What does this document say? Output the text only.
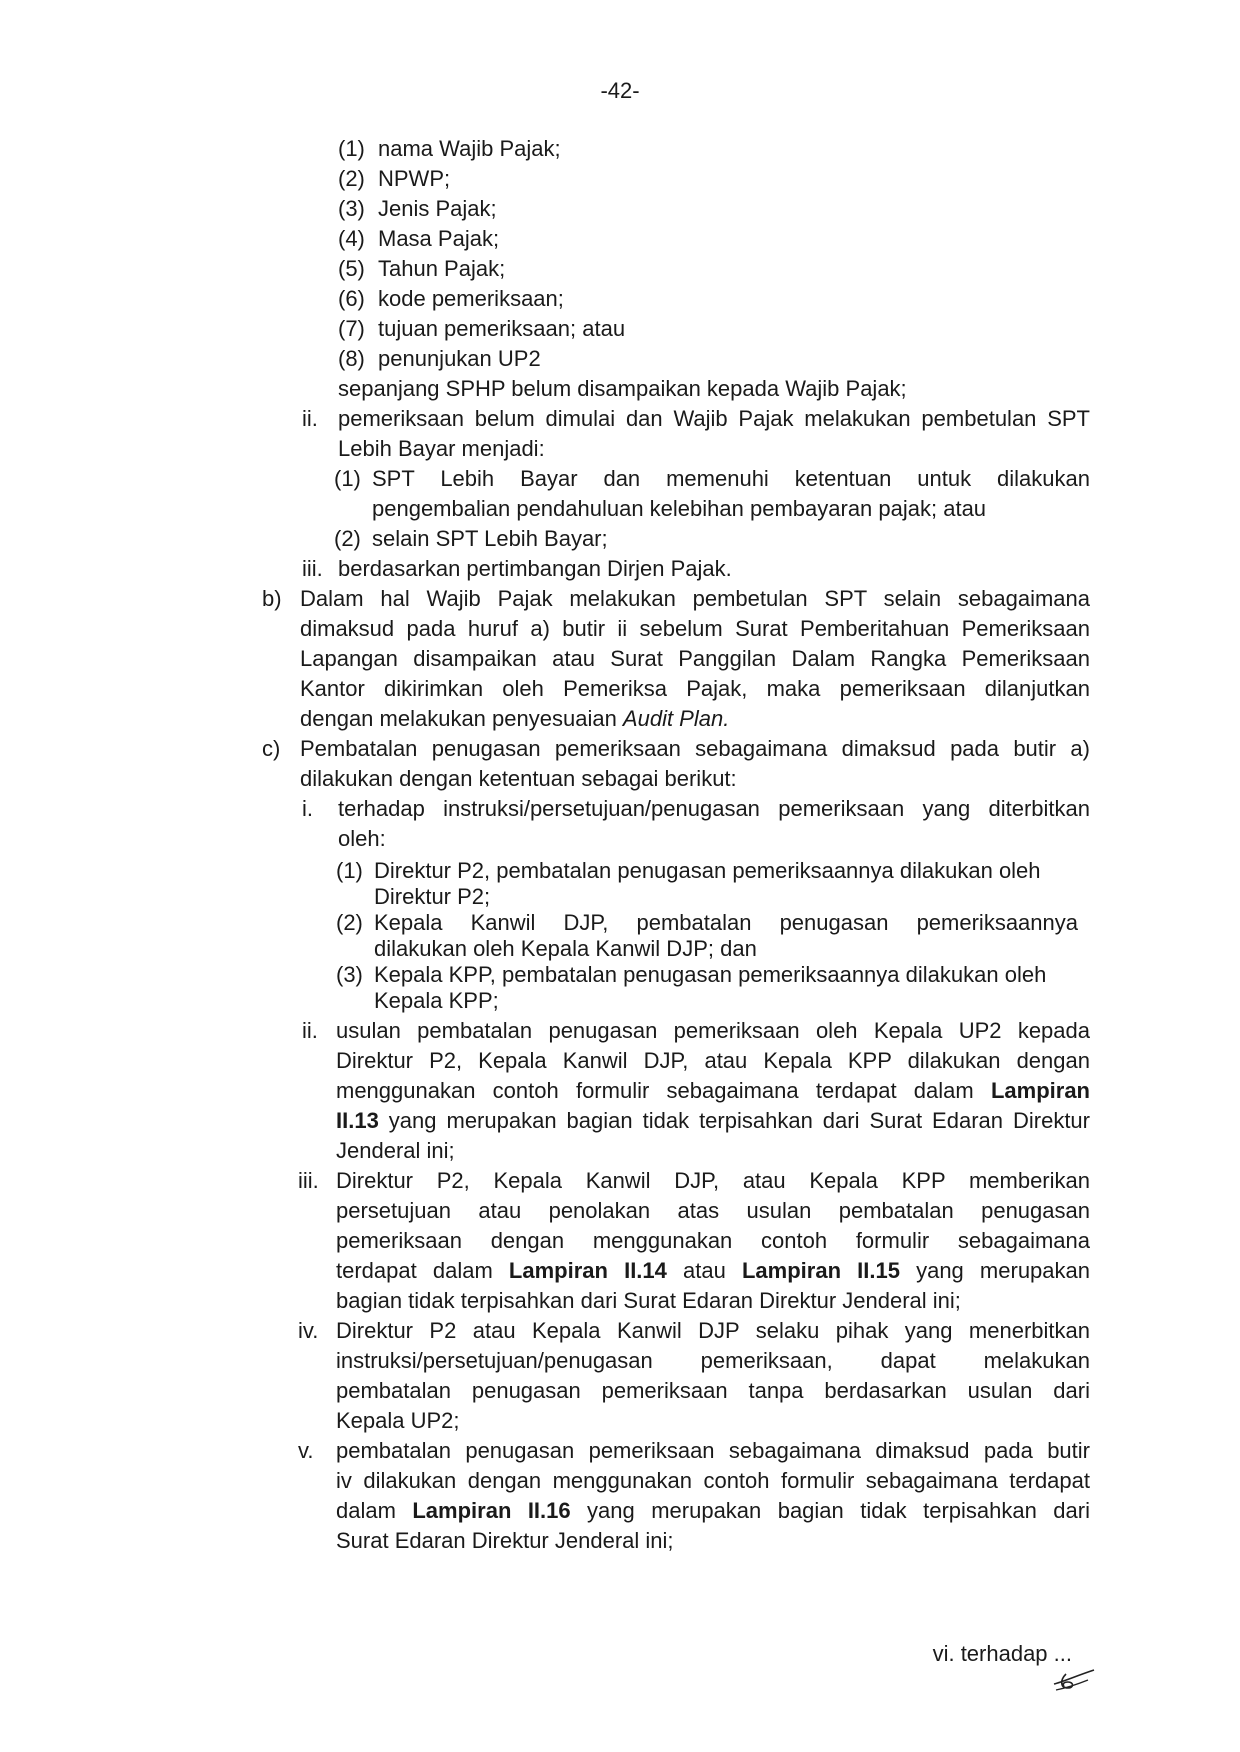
-42-
(1) nama Wajib Pajak;
(2) NPWP;
(3) Jenis Pajak;
(4) Masa Pajak;
(5) Tahun Pajak;
(6) kode pemeriksaan;
(7) tujuan pemeriksaan; atau
(8) penunjukan UP2
sepanjang SPHP belum disampaikan kepada Wajib Pajak;
ii. pemeriksaan belum dimulai dan Wajib Pajak melakukan pembetulan SPT
Lebih Bayar menjadi:
(1) SPT Lebih Bayar dan memenuhi ketentuan untuk dilakukan
pengembalian pendahuluan kelebihan pembayaran pajak; atau
(2) selain SPT Lebih Bayar;
iii. berdasarkan pertimbangan Dirjen Pajak.
b) Dalam hal Wajib Pajak melakukan pembetulan SPT selain sebagaimana
dimaksud pada huruf a) butir ii sebelum Surat Pemberitahuan Pemeriksaan
Lapangan disampaikan atau Surat Panggilan Dalam Rangka Pemeriksaan
Kantor dikirimkan oleh Pemeriksa Pajak, maka pemeriksaan dilanjutkan
dengan melakukan penyesuaian Audit Plan.
c) Pembatalan penugasan pemeriksaan sebagaimana dimaksud pada butir a)
dilakukan dengan ketentuan sebagai berikut:
i. terhadap instruksi/persetujuan/penugasan pemeriksaan yang diterbitkan
oleh:
(1) Direktur P2, pembatalan penugasan pemeriksaannya dilakukan oleh
Direktur P2;
(2) Kepala Kanwil DJP, pembatalan penugasan pemeriksaannya
dilakukan oleh Kepala Kanwil DJP; dan
(3) Kepala KPP, pembatalan penugasan pemeriksaannya dilakukan oleh
Kepala KPP;
ii. usulan pembatalan penugasan pemeriksaan oleh Kepala UP2 kepada
Direktur P2, Kepala Kanwil DJP, atau Kepala KPP dilakukan dengan
menggunakan contoh formulir sebagaimana terdapat dalam Lampiran
II.13 yang merupakan bagian tidak terpisahkan dari Surat Edaran Direktur
Jenderal ini;
iii. Direktur P2, Kepala Kanwil DJP, atau Kepala KPP memberikan
persetujuan atau penolakan atas usulan pembatalan penugasan
pemeriksaan dengan menggunakan contoh formulir sebagaimana
terdapat dalam Lampiran II.14 atau Lampiran II.15 yang merupakan
bagian tidak terpisahkan dari Surat Edaran Direktur Jenderal ini;
iv. Direktur P2 atau Kepala Kanwil DJP selaku pihak yang menerbitkan
instruksi/persetujuan/penugasan pemeriksaan, dapat melakukan
pembatalan penugasan pemeriksaan tanpa berdasarkan usulan dari
Kepala UP2;
v. pembatalan penugasan pemeriksaan sebagaimana dimaksud pada butir
iv dilakukan dengan menggunakan contoh formulir sebagaimana terdapat
dalam Lampiran II.16 yang merupakan bagian tidak terpisahkan dari
Surat Edaran Direktur Jenderal ini;
vi. terhadap ...
